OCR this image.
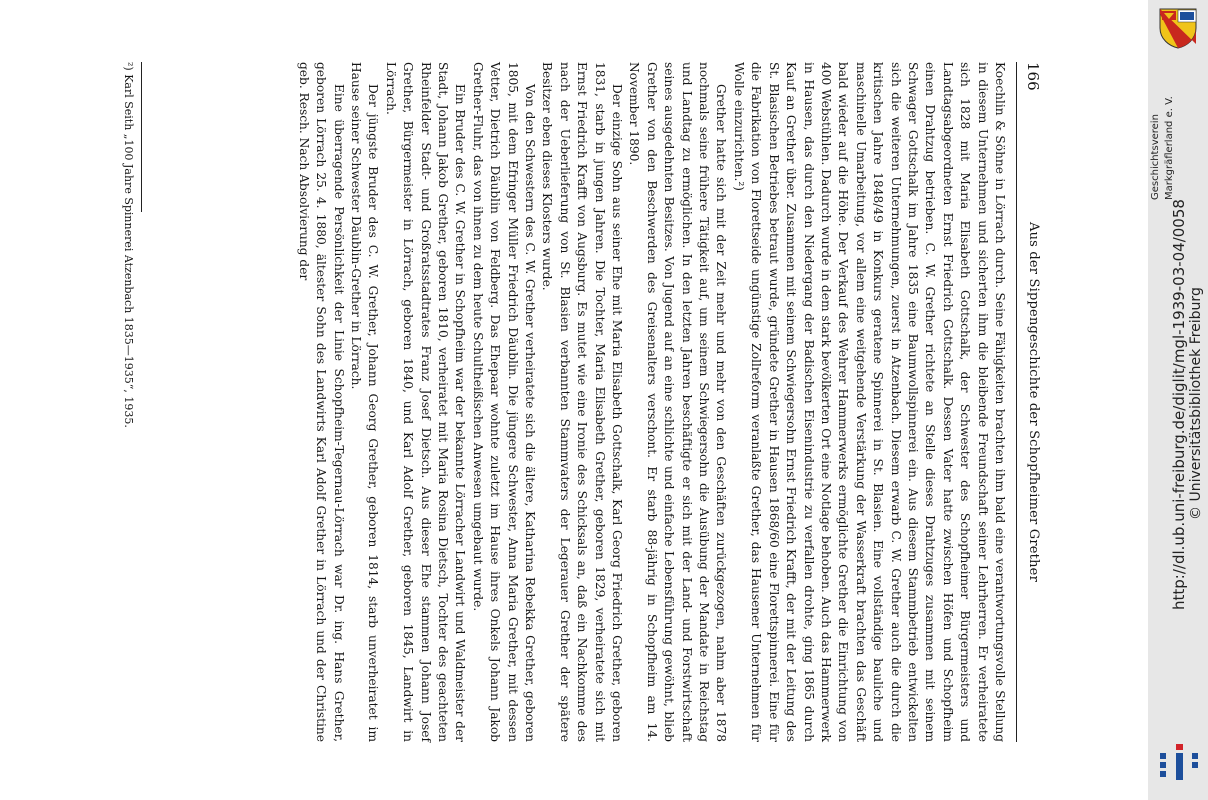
166
Aus der Sippengeschichte der Schopfheimer Grether

Koechlin & Söhne in Lörrach durch. Seine Fähigkeiten brachten ihm bald eine verantwortungsvolle Stellung in diesem Unternehmen und sicherten ihm die bleibende Freundschaft seiner Lehrherren. Er verheiratete sich 1828 mit Maria Elisabeth Gottschalk, der Schwester des Schopfheimer Bürgermeisters und Landtagsabgeordneten Ernst Friedrich Gottschalk. Dessen Vater hatte zwischen Höfen und Schopfheim einen Drahtzug betrieben. C. W. Grether richtete an Stelle dieses Drahtzuges zusammen mit seinem Schwager Gottschalk im Jahre 1835 eine Baumwollspinnerei ein. Aus diesem Stammbetrieb entwickelten sich die weiteren Unternehmungen, zuerst in Atzenbach. Diesem erwarb C. W. Grether auch die durch die kritischen Jahre 1848/49 in Konkurs geratene Spinnerei in St. Blasien. Eine vollständige bauliche und maschinelle Umarbeitung, vor allem eine weitgehende Verstärkung der Wasserkraft brachten das Geschäft bald wieder auf die Höhe. Der Verkauf des Wehrer Hammerwerks ermöglichte Grether die Einrichtung von 400 Webstühlen. Dadurch wurde in dem stark bevölkerten Ort eine Notlage behoben. Auch das Hammerwerk in Hausen, das durch den Niedergang der Badischen Eisenindustrie zu verfallen drohte, ging 1865 durch Kauf an Grether über. Zusammen mit seinem Schwiegersohn Ernst Friedrich Krafft, der mit der Leitung des St. Blasischen Betriebes betraut wurde, gründete Grether in Hausen 1868/60 eine Florettspinnerei. Eine für die Fabrikation von Florettseide ungünstige Zollreform veranlaßte Grether, das Hausener Unternehmen für Wolle einzurichten.²)

Grether hatte sich mit der Zeit mehr und mehr von den Geschäften zurückgezogen, nahm aber 1878 nochmals seine frühere Tätigkeit auf, um seinem Schwiegersohn die Ausübung der Mandate in Reichstag und Landtag zu ermöglichen. In den letzten Jahren beschäftigte er sich mit der Land- und Forstwirtschaft seines ausgedehnten Besitzes. Von Jugend auf an eine schlichte und einfache Lebensführung gewöhnt, blieb Grether von den Beschwerden des Greisenalters verschont. Er starb 88-jährig in Schopfheim am 14. November 1890.

Der einzige Sohn aus seiner Ehe mit Maria Elisabeth Gottschalk, Karl Georg Friedrich Grether, geboren 1831, starb in jungen Jahren. Die Tochter, Maria Elisabeth Grether, geboren 1829, verheiratete sich mit Ernst Friedrich Krafft von Augsburg. Es mutet wie eine Ironie des Schicksals an, daß ein Nachkomme des nach der Ueberlieferung von St. Blasien verbannten Stammvaters der Legerauer Grether der spätere Besitzer eben dieses Klosters wurde.

Von den Schwestern des C. W. Grether verheiratete sich die ältere, Katharina Rebekka Grether, geboren 1805, mit dem Efringer Müller Friedrich Däublin. Die jüngere Schwester, Anna Maria Grether, mit dessen Vetter, Dietrich Däublin von Feldberg. Das Ehepaar wohnte zuletzt im Hause ihres Onkels Johann Jakob Grether-Fluhr, das von ihnen zu dem heute Schultheißischen Anwesen umgebaut wurde.

Ein Bruder des C. W. Grether in Schopfheim war der bekannte Lörracher Landwirt und Waldmeister der Stadt, Johann Jakob Grether, geboren 1810, verheiratet mit Maria Rosina Dietsch, Tochter des geachteten Rheinfelder Stadt- und Großratsstadtrates Franz Josef Dietsch. Aus dieser Ehe stammen Johann Josef Grether, Bürgermeister in Lörrach, geboren 1840, und Karl Adolf Grether, geboren 1845, Landwirt in Lörrach.

Der jüngste Bruder des C. W. Grether, Johann Georg Grether, geboren 1814, starb unverheiratet im Hause seiner Schwester Däublin-Grether in Lörrach.

Eine überragende Persönlichkeit der Linie Schopfheim-Tegernau-Lörrach war Dr. ing. Hans Grether, geboren Lörrach 25. 4. 1880, ältester Sohn des Landwirts Karl Adolf Grether in Lörrach und der Christine geb. Resch. Nach Absolvierung der

²) Karl Seith „100 Jahre Spinnerei Atzenbach 1835—1935“, 1935.	Geschichtsverein Markgräflerland e. V.
http://dl.ub.uni-freiburg.de/diglit/mgl-1939-03-04/0058 © Universitätsbibliothek Freiburg
